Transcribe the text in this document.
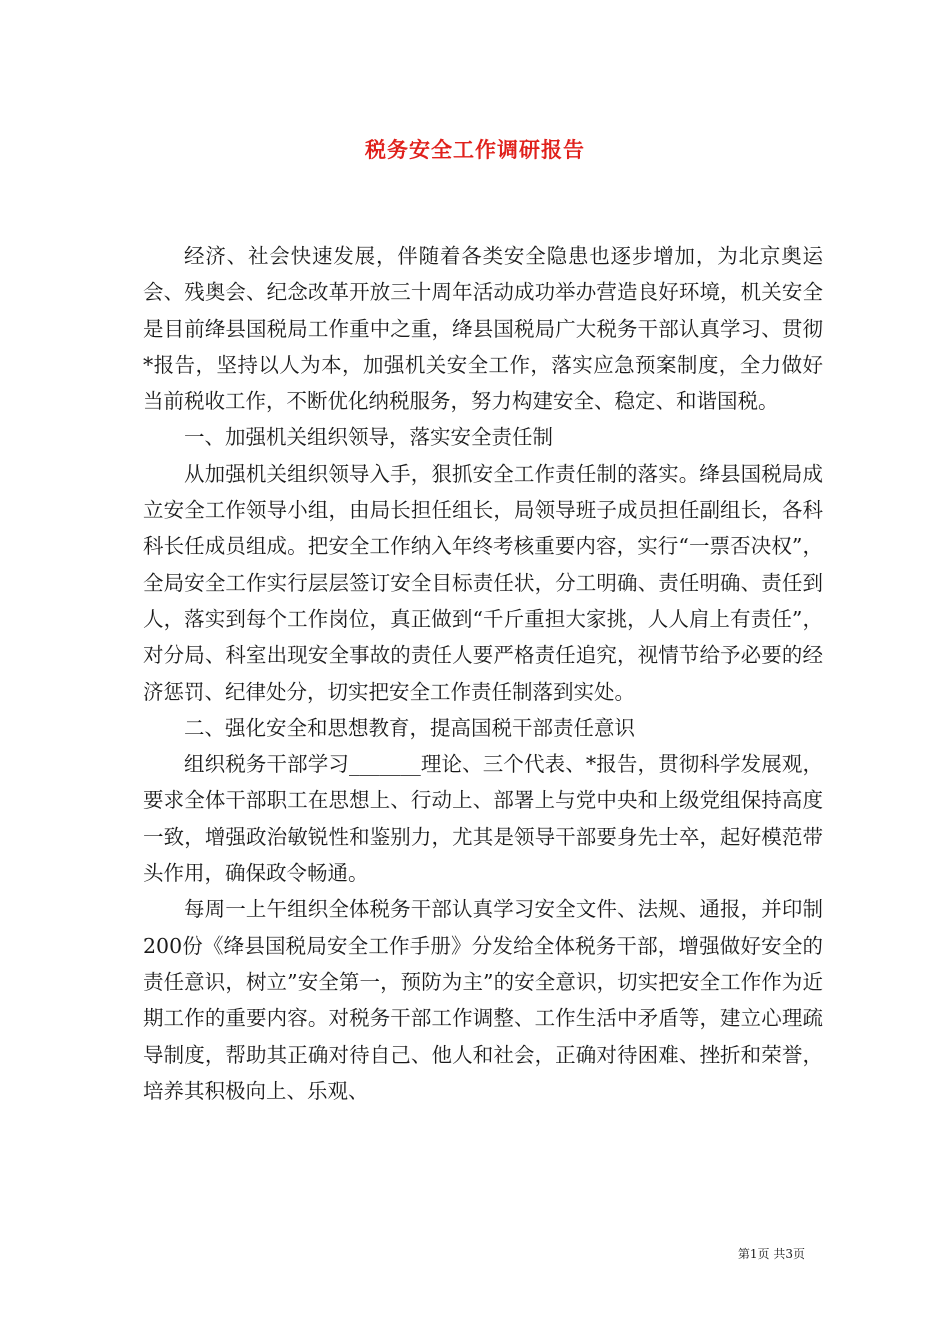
税务安全工作调研报告

经济、社会快速发展，伴随着各类安全隐患也逐步增加，为北京奥运会、残奥会、纪念改革开放三十周年活动成功举办营造良好环境，机关安全是目前绛县国税局工作重中之重，绛县国税局广大税务干部认真学习、贯彻*报告，坚持以人为本，加强机关安全工作，落实应急预案制度，全力做好当前税收工作，不断优化纳税服务，努力构建安全、稳定、和谐国税。

一、加强机关组织领导，落实安全责任制

从加强机关组织领导入手，狠抓安全工作责任制的落实。绛县国税局成立安全工作领导小组，由局长担任组长，局领导班子成员担任副组长，各科科长任成员组成。把安全工作纳入年终考核重要内容，实行“一票否决权”，全局安全工作实行层层签订安全目标责任状，分工明确、责任明确、责任到人，落实到每个工作岗位，真正做到“千斤重担大家挑，人人肩上有责任”，对分局、科室出现安全事故的责任人要严格责任追究，视情节给予必要的经济惩罚、纪律处分，切实把安全工作责任制落到实处。

二、强化安全和思想教育，提高国税干部责任意识

组织税务干部学习_______理论、三个代表、*报告，贯彻科学发展观，要求全体干部职工在思想上、行动上、部署上与党中央和上级党组保持高度一致，增强政治敏锐性和鉴别力，尤其是领导干部要身先士卒，起好模范带头作用，确保政令畅通。

每周一上午组织全体税务干部认真学习安全文件、法规、通报，并印制200份《绛县国税局安全工作手册》分发给全体税务干部，增强做好安全的责任意识，树立”安全第一，预防为主”的安全意识，切实把安全工作作为近期工作的重要内容。对税务干部工作调整、工作生活中矛盾等，建立心理疏导制度，帮助其正确对待自己、他人和社会，正确对待困难、挫折和荣誉，培养其积极向上、乐观、

第1页 共3页
